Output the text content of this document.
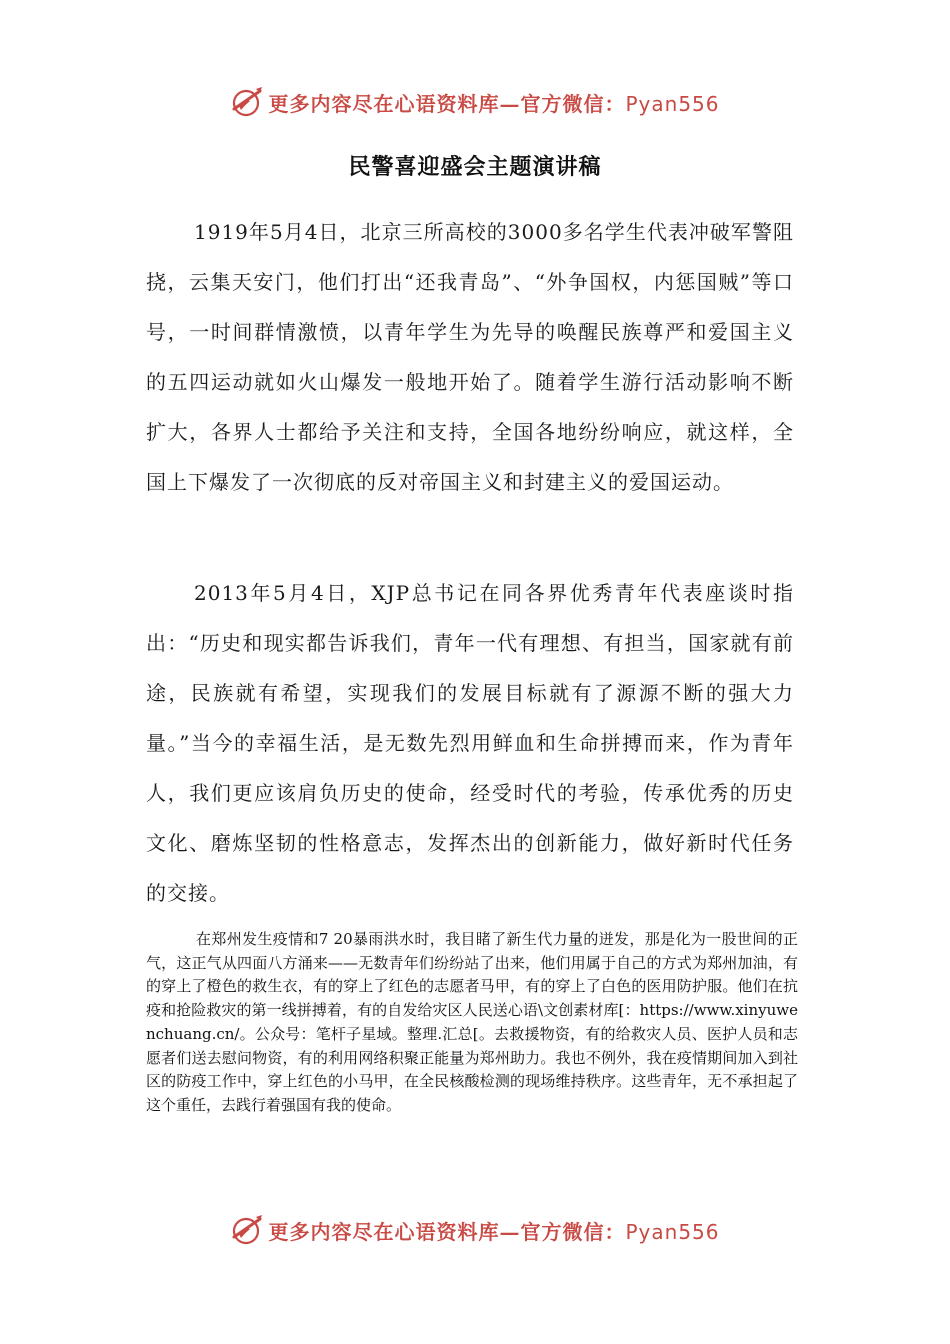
更多内容尽在心语资料库—官方微信：Pyan556
民警喜迎盛会主题演讲稿

1919年5月4日，北京三所高校的3000多名学生代表冲破军警阻挠，云集天安门，他们打出“还我青岛”、“外争国权，内惩国贼”等口号，一时间群情激愤，以青年学生为先导的唤醒民族尊严和爱国主义的五四运动就如火山爆发一般地开始了。随着学生游行活动影响不断扩大，各界人士都给予关注和支持，全国各地纷纷响应，就这样，全国上下爆发了一次彻底的反对帝国主义和封建主义的爱国运动。

2013年5月4日，XJP总书记在同各界优秀青年代表座谈时指出：“历史和现实都告诉我们，青年一代有理想、有担当，国家就有前途，民族就有希望，实现我们的发展目标就有了源源不断的强大力量。”当今的幸福生活，是无数先烈用鲜血和生命拼搏而来，作为青年人，我们更应该肩负历史的使命，经受时代的考验，传承优秀的历史文化、磨炼坚韧的性格意志，发挥杰出的创新能力，做好新时代任务的交接。

在郑州发生疫情和7 20暴雨洪水时，我目睹了新生代力量的迸发，那是化为一股世间的正气，这正气从四面八方涌来——无数青年们纷纷站了出来，他们用属于自己的方式为郑州加油，有的穿上了橙色的救生衣，有的穿上了红色的志愿者马甲，有的穿上了白色的医用防护服。他们在抗疫和抢险救灾的第一线拼搏着，有的自发给灾区人民送心语\文创素材库[：https://www.xinyuwenchuang.cn/。公众号：笔杆子星域。整理.汇总[。去救援物资，有的给救灾人员、医护人员和志愿者们送去慰问物资，有的利用网络积聚正能量为郑州助力。我也不例外，我在疫情期间加入到社区的防疫工作中，穿上红色的小马甲，在全民核酸检测的现场维持秩序。这些青年，无不承担起了这个重任，去践行着强国有我的使命。

更多内容尽在心语资料库—官方微信：Pyan556
